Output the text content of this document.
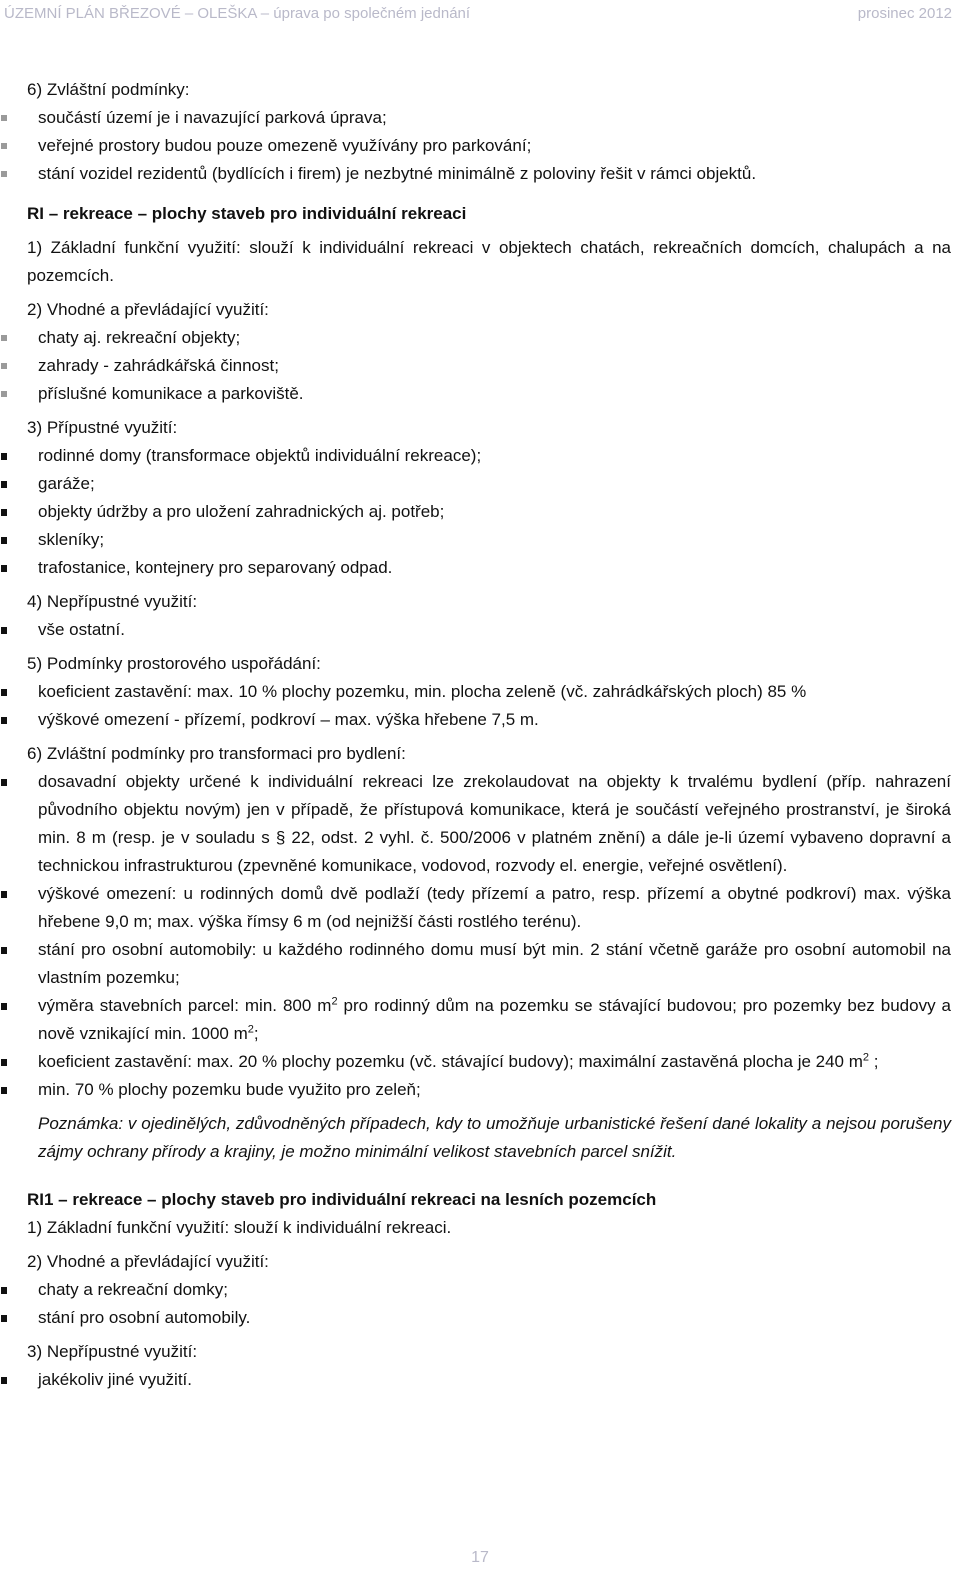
ÚZEMNÍ PLÁN BŘEZOVÉ – OLEŠKA – úprava po společném jednání	prosinec 2012

6) Zvláštní podmínky:

součástí území je i navazující parková úprava;
veřejné prostory budou pouze omezeně využívány pro parkování;
stání vozidel rezidentů (bydlících i firem) je nezbytné minimálně z poloviny řešit v rámci objektů.

RI – rekreace – plochy staveb pro individuální rekreaci

1) Základní funkční využití: slouží k individuální rekreaci v objektech chatách, rekreačních domcích, chalupách a na pozemcích.

2) Vhodné a převládající využití:

chaty aj. rekreační objekty;
zahrady - zahrádkářská činnost;
příslušné komunikace a parkoviště.

3) Přípustné využití:

rodinné domy (transformace objektů individuální rekreace);
garáže;
objekty údržby a pro uložení zahradnických aj. potřeb;
skleníky;
trafostanice, kontejnery pro separovaný odpad.

4) Nepřípustné využití:

vše ostatní.

5) Podmínky prostorového uspořádání:

koeficient zastavění: max. 10 % plochy pozemku, min. plocha zeleně (vč. zahrádkářských ploch) 85 %
výškové omezení - přízemí, podkroví – max. výška hřebene 7,5 m.

6) Zvláštní podmínky pro transformaci pro bydlení:

dosavadní objekty určené k individuální rekreaci lze zrekolaudovat na objekty k trvalému bydlení (příp. nahrazení původního objektu novým) jen v případě, že přístupová komunikace, která je součástí veřejného prostranství, je široká min. 8 m (resp. je v souladu s § 22, odst. 2 vyhl. č. 500/2006 v platném znění) a dále je-li území vybaveno dopravní a technickou infrastrukturou (zpevněné komunikace, vodovod, rozvody el. energie, veřejné osvětlení).
výškové omezení: u rodinných domů dvě podlaží (tedy přízemí a patro, resp. přízemí a obytné podkroví) max. výška hřebene 9,0 m; max. výška římsy 6 m (od nejnižší části rostlého terénu).
stání pro osobní automobily: u každého rodinného domu musí být min. 2 stání včetně garáže pro osobní automobil na vlastním pozemku;
výměra stavebních parcel: min. 800 $m^2$ pro rodinný dům na pozemku se stávající budovou; pro pozemky bez budovy a nově vznikající min. 1000 $m^2$;
koeficient zastavění: max. 20 % plochy pozemku (vč. stávající budovy); maximální zastavěná plocha je 240 $m^2$ ;
min. 70 % plochy pozemku bude využito pro zeleň;

Poznámka: v ojedinělých, zdůvodněných případech, kdy to umožňuje urbanistické řešení dané lokality a nejsou porušeny zájmy ochrany přírody a krajiny, je možno minimální velikost stavebních parcel snížit.

RI1 – rekreace – plochy staveb pro individuální rekreaci na lesních pozemcích

1) Základní funkční využití: slouží k individuální rekreaci.

2) Vhodné a převládající využití:

chaty a rekreační domky;
stání pro osobní automobily.

3) Nepřípustné využití:

jakékoliv jiné využití.
17
